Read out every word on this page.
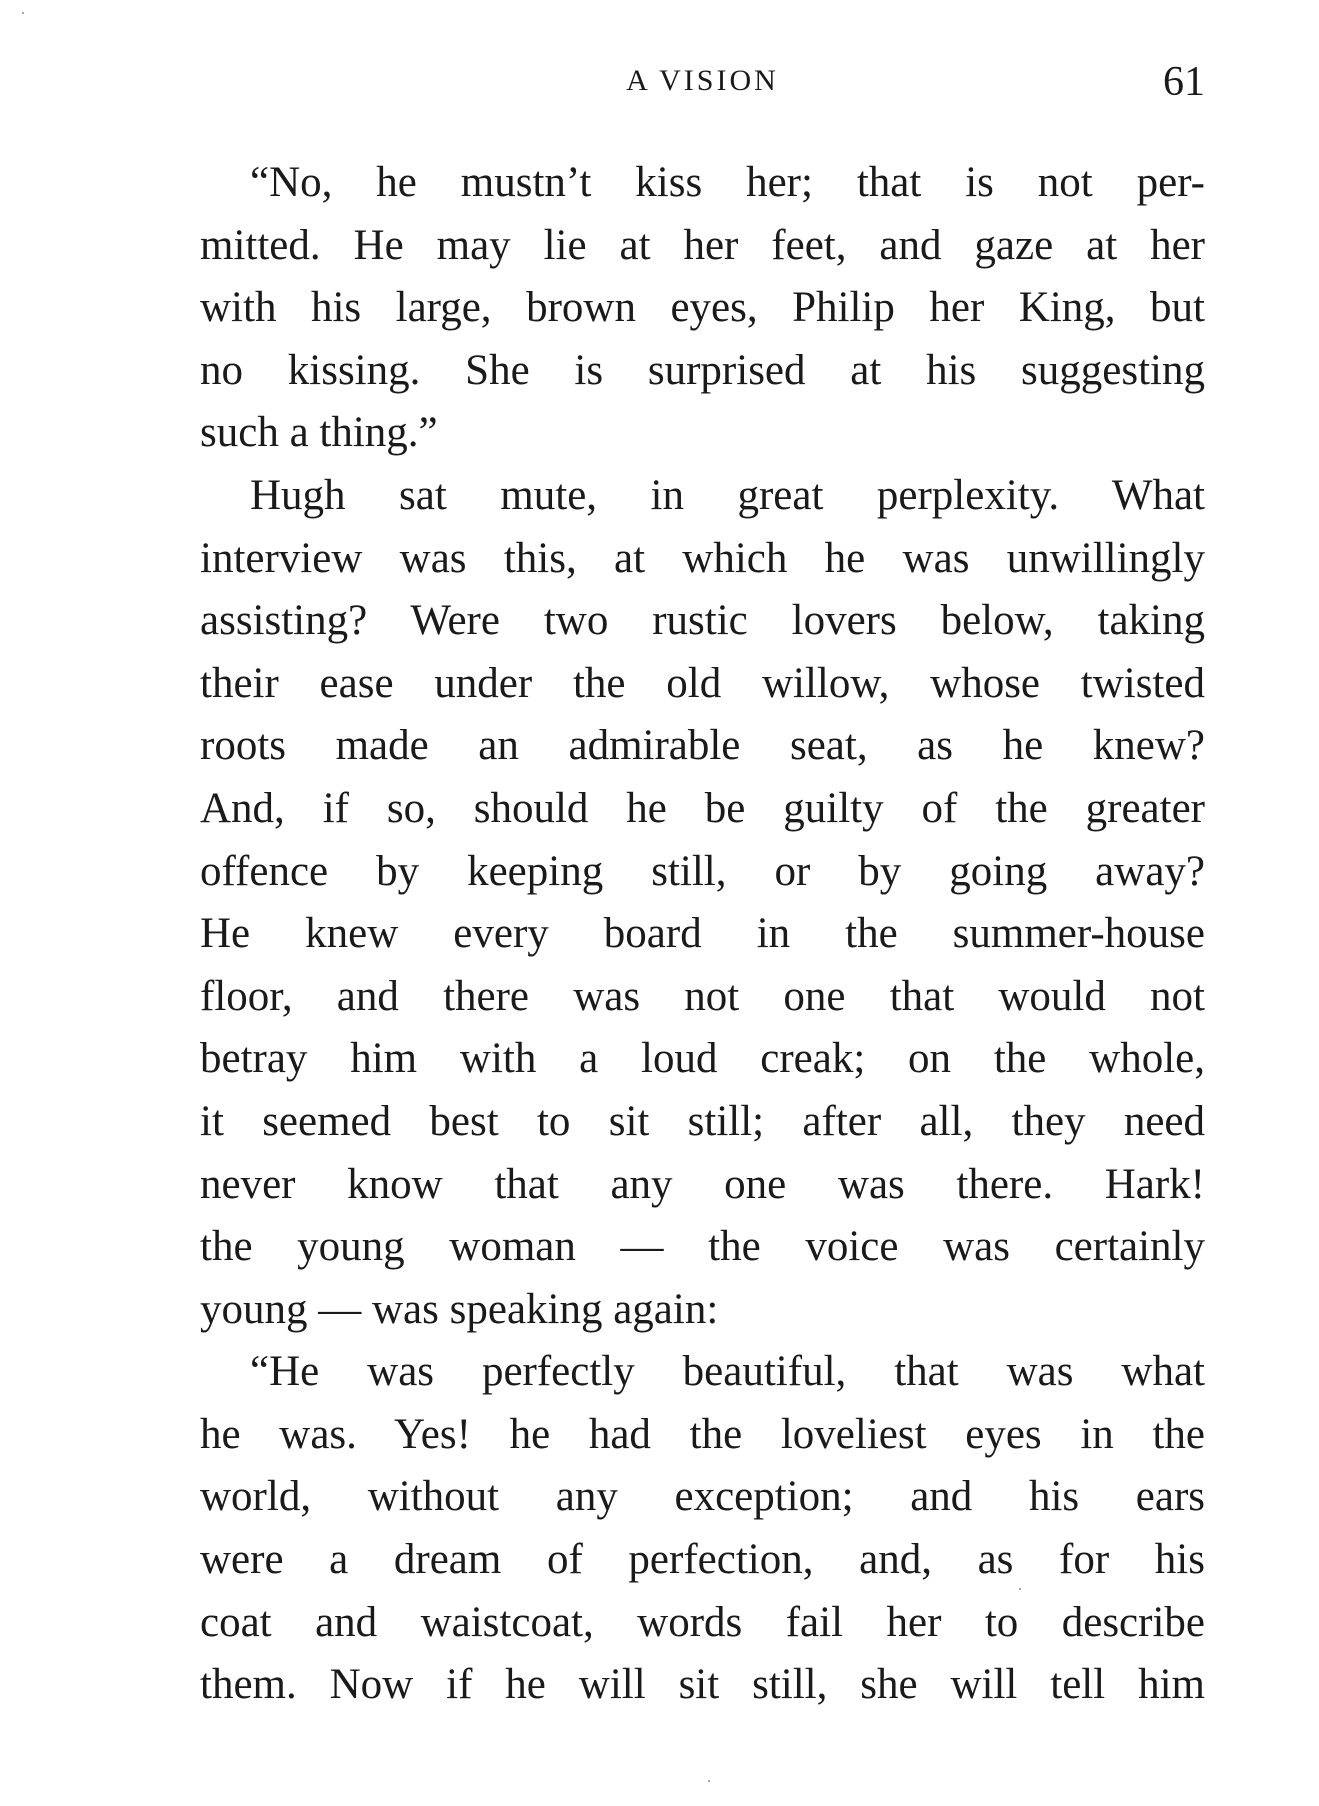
A VISION	61
“No, he mustn’t kiss her; that is not per-
mitted. He may lie at her feet, and gaze at her
with his large, brown eyes, Philip her King, but
no kissing. She is surprised at his suggesting
such a thing.”
Hugh sat mute, in great perplexity. What
interview was this, at which he was unwillingly
assisting? Were two rustic lovers below, taking
their ease under the old willow, whose twisted
roots made an admirable seat, as he knew?
And, if so, should he be guilty of the greater
offence by keeping still, or by going away?
He knew every board in the summer-house
floor, and there was not one that would not
betray him with a loud creak; on the whole,
it seemed best to sit still; after all, they need
never know that any one was there. Hark!
the young woman — the voice was certainly
young — was speaking again:
“He was perfectly beautiful, that was what
he was. Yes! he had the loveliest eyes in the
world, without any exception; and his ears
were a dream of perfection, and, as for his
coat and waistcoat, words fail her to describe
them. Now if he will sit still, she will tell him
